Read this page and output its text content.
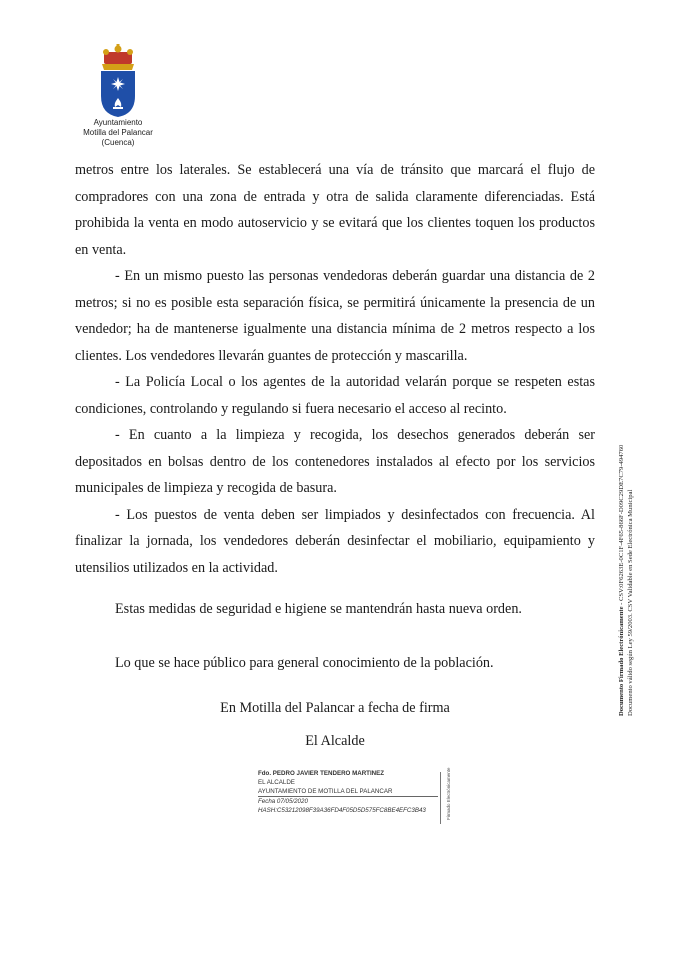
Ayuntamiento
Motilla del Palancar
(Cuenca)

metros entre los laterales. Se establecerá una vía de tránsito que marcará el flujo de compradores con una zona de entrada y otra de salida claramente diferenciadas. Está prohibida la venta en modo autoservicio y se evitará que los clientes toquen los productos en venta.

- En un mismo puesto las personas vendedoras deberán guardar una distancia de 2 metros; si no es posible esta separación física, se permitirá únicamente la presencia de un vendedor; ha de mantenerse igualmente una distancia mínima de 2 metros respecto a los clientes. Los vendedores llevarán guantes de protección y mascarilla.

- La Policía Local o los agentes de la autoridad velarán porque se respeten estas condiciones, controlando y regulando si fuera necesario el acceso al recinto.

- En cuanto a la limpieza y recogida, los desechos generados deberán ser depositados en bolsas dentro de los contenedores instalados al efecto por los servicios municipales de limpieza y recogida de basura.

- Los puestos de venta deben ser limpiados y desinfectados con frecuencia. Al finalizar la jornada, los vendedores deberán desinfectar el mobiliario, equipamiento y utensilios utilizados en la actividad.

Estas medidas de seguridad e higiene se mantendrán hasta nueva orden.
Lo que se hace público para general conocimiento de la población.
En Motilla del Palancar a fecha de firma
El Alcalde
Fdo. PEDRO JAVIER TENDERO MARTINEZ
EL ALCALDE
AYUNTAMIENTO DE MOTILLA DEL PALANCAR
Fecha 07/05/2020
HASH:C53212098F39A36FD4F05D5D575FC8BE4EFC3B43	Firmado Electrónicamente
Documento Firmado Electrónicamente - CSV:0F6263E-0C1F-4F65-866F-D09C29DE7C79-494760 Documento válido según Ley 59/2003. CSV Validable en Sede Electrónica Municipal
